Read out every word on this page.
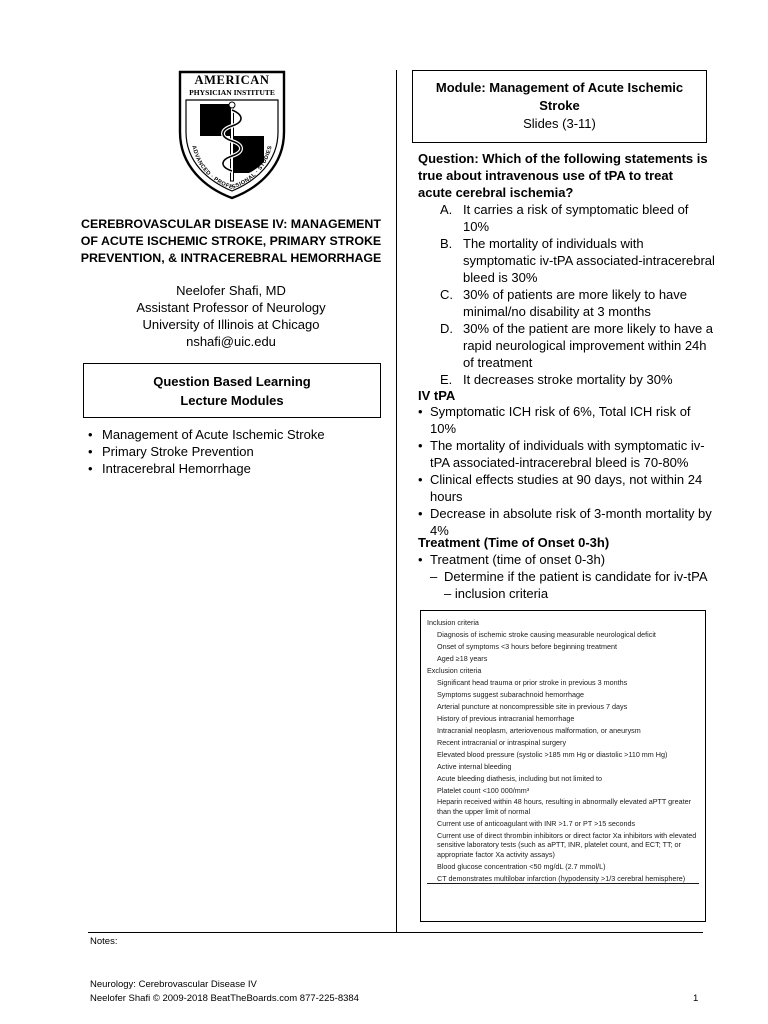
AMERICAN
PHYSICIAN INSTITUTE
ADVANCED · PROFESSIONAL · STUDIES
CEREBROVASCULAR DISEASE IV: MANAGEMENT
OF ACUTE ISCHEMIC STROKE, PRIMARY STROKE
PREVENTION, & INTRACEREBRAL HEMORRHAGE
Neelofer Shafi, MD
Assistant Professor of Neurology
University of Illinois at Chicago
nshafi@uic.edu
Question Based Learning
Lecture Modules
• Management of Acute Ischemic Stroke
• Primary Stroke Prevention
• Intracerebral Hemorrhage
Module: Management of Acute Ischemic
Stroke
Slides (3-11)
Question: Which of the following statements is true about intravenous use of tPA to treat acute cerebral ischemia?
A. It carries a risk of symptomatic bleed of 10%
B. The mortality of individuals with symptomatic iv-tPA associated-intracerebral bleed is 30%
C. 30% of patients are more likely to have minimal/no disability at 3 months
D. 30% of the patient are more likely to have a rapid neurological improvement within 24h of treatment
E. It decreases stroke mortality by 30%
IV tPA
• Symptomatic ICH risk of 6%, Total ICH risk of 10%
• The mortality of individuals with symptomatic iv-tPA associated-intracerebral bleed is 70-80%
• Clinical effects studies at 90 days, not within 24 hours
• Decrease in absolute risk of 3-month mortality by 4%
Treatment (Time of Onset 0-3h)
• Treatment (time of onset 0-3h)
– Determine if the patient is candidate for iv-tPA – inclusion criteria
Inclusion criteria
Diagnosis of ischemic stroke causing measurable neurological deficit
Onset of symptoms <3 hours before beginning treatment
Aged ≥18 years
Exclusion criteria
Significant head trauma or prior stroke in previous 3 months
Symptoms suggest subarachnoid hemorrhage
Arterial puncture at noncompressible site in previous 7 days
History of previous intracranial hemorrhage
Intracranial neoplasm, arteriovenous malformation, or aneurysm
Recent intracranial or intraspinal surgery
Elevated blood pressure (systolic >185 mm Hg or diastolic >110 mm Hg)
Active internal bleeding
Acute bleeding diathesis, including but not limited to
Platelet count <100 000/mm³
Heparin received within 48 hours, resulting in abnormally elevated aPTT greater than the upper limit of normal
Current use of anticoagulant with INR >1.7 or PT >15 seconds
Current use of direct thrombin inhibitors or direct factor Xa inhibitors with elevated sensitive laboratory tests (such as aPTT, INR, platelet count, and ECT; TT; or appropriate factor Xa activity assays)
Blood glucose concentration <50 mg/dL (2.7 mmol/L)
CT demonstrates multilobar infarction (hypodensity >1/3 cerebral hemisphere)
Notes:
Neurology: Cerebrovascular Disease IV
Neelofer Shafi © 2009-2018 BeatTheBoards.com 877-225-8384	1
